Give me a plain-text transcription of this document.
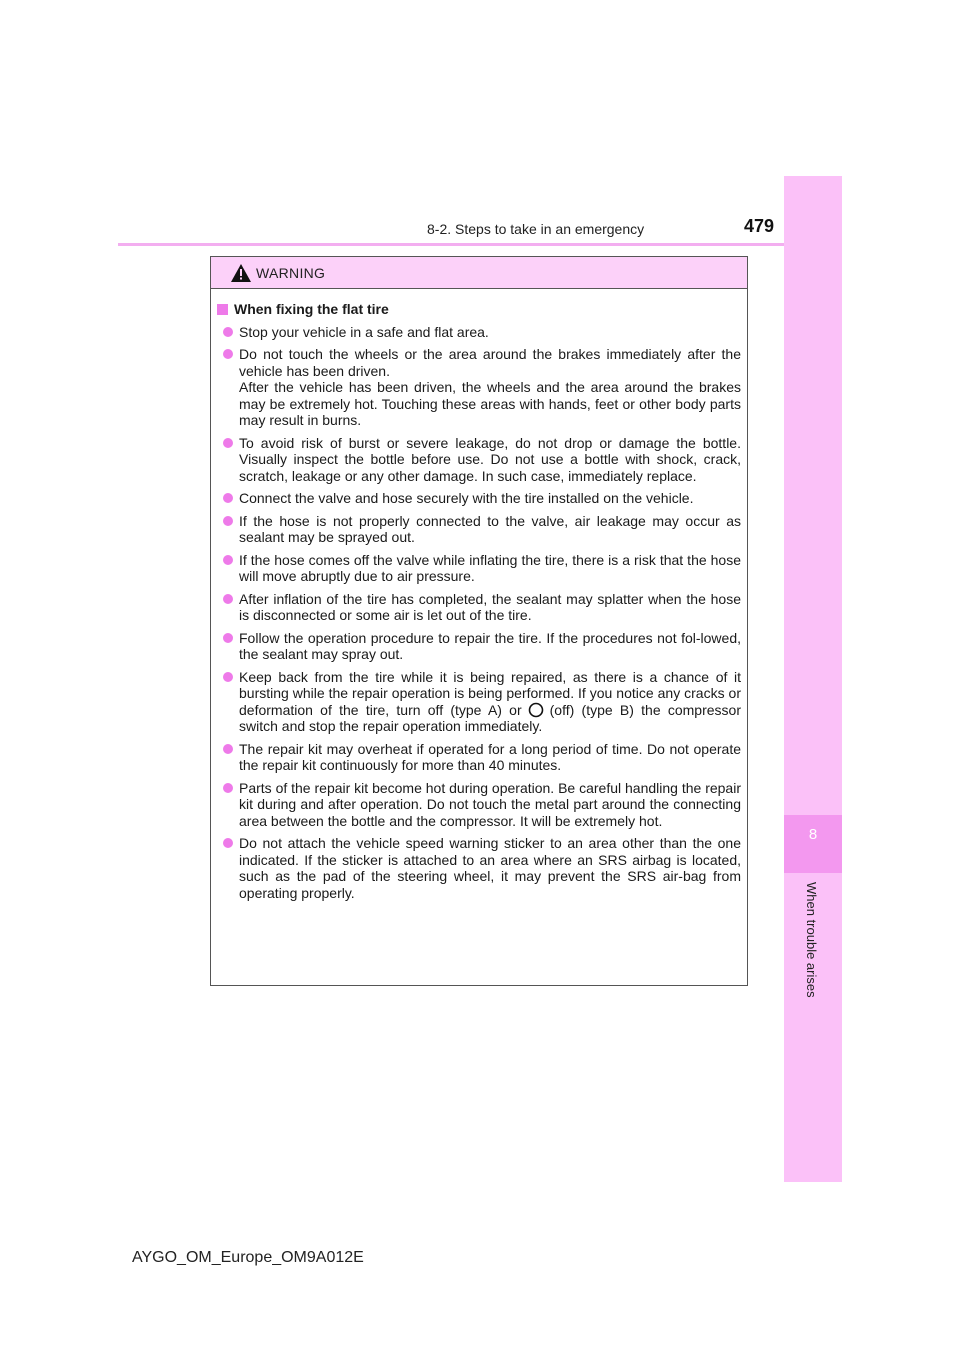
8-2. Steps to take in an emergency	479
8
When trouble arises
WARNING
When fixing the flat tire

Stop your vehicle in a safe and flat area.

Do not touch the wheels or the area around the brakes immediately after the vehicle has been driven.

After the vehicle has been driven, the wheels and the area around the brakes may be extremely hot. Touching these areas with hands, feet or other body parts may result in burns.

To avoid risk of burst or severe leakage, do not drop or damage the bottle. Visually inspect the bottle before use. Do not use a bottle with shock, crack, scratch, leakage or any other damage. In such case, immediately replace.

Connect the valve and hose securely with the tire installed on the vehicle.

If the hose is not properly connected to the valve, air leakage may occur as sealant may be sprayed out.

If the hose comes off the valve while inflating the tire, there is a risk that the hose will move abruptly due to air pressure.

After inflation of the tire has completed, the sealant may splatter when the hose is disconnected or some air is let out of the tire.

Follow the operation procedure to repair the tire. If the procedures not fol-lowed, the sealant may spray out.

Keep back from the tire while it is being repaired, as there is a chance of it bursting while the repair operation is being performed. If you notice any cracks or deformation of the tire, turn off (type A) or (off) (type B) the compressor switch and stop the repair operation immediately.

The repair kit may overheat if operated for a long period of time. Do not operate the repair kit continuously for more than 40 minutes.

Parts of the repair kit become hot during operation. Be careful handling the repair kit during and after operation. Do not touch the metal part around the connecting area between the bottle and the compressor. It will be extremely hot.

Do not attach the vehicle speed warning sticker to an area other than the one indicated. If the sticker is attached to an area where an SRS airbag is located, such as the pad of the steering wheel, it may prevent the SRS air-bag from operating properly.

AYGO_OM_Europe_OM9A012E
